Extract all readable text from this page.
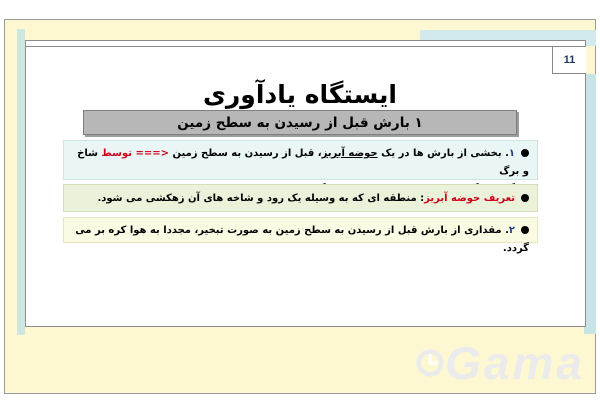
11
ایستگاه یادآوری
۱ بارش قبل از رسیدن به سطح زمین
۱. بخشی از بارش ها در یک حوضه آبریز، قبل از رسیدن به سطح زمین <=== توسط شاخ و برگ

تعریف حوضه آبریز: منطقه ای که به وسیله یک رود و شاخه های آن زهکشی می شود.
۲. مقداری از بارش قبل از رسیدن به سطح زمین به صورت تبخیر، مجددا به هوا کره بر می گردد.
Gama
